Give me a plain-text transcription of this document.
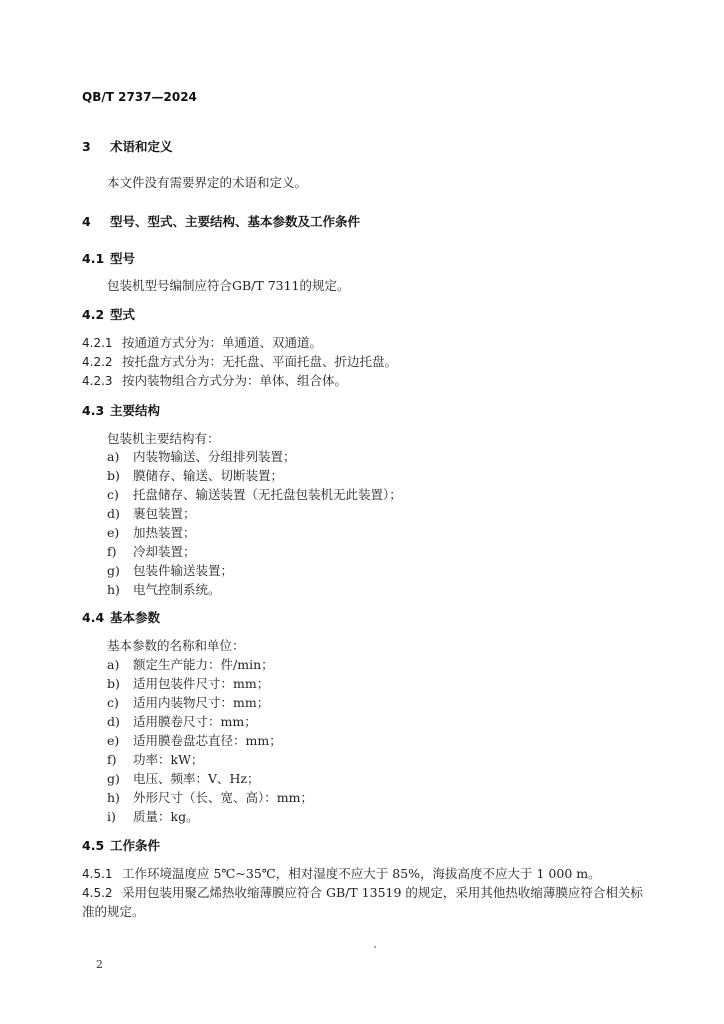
QB/T 2737—2024
3 术语和定义
本文件没有需要界定的术语和定义。
4 型号、型式、主要结构、基本参数及工作条件
4.1 型号
包装机型号编制应符合GB/T 7311的规定。
4.2 型式
4.2.1 按通道方式分为：单通道、双通道。
4.2.2 按托盘方式分为：无托盘、平面托盘、折边托盘。
4.2.3 按内装物组合方式分为：单体、组合体。
4.3 主要结构
包装机主要结构有：
a) 内装物输送、分组排列装置；
b) 膜储存、输送、切断装置；
c) 托盘储存、输送装置（无托盘包装机无此装置）；
d) 裹包装置；
e) 加热装置；
f) 冷却装置；
g) 包装件输送装置；
h) 电气控制系统。
4.4 基本参数
基本参数的名称和单位：
a) 额定生产能力：件/min；
b) 适用包装件尺寸：mm；
c) 适用内装物尺寸：mm；
d) 适用膜卷尺寸：mm；
e) 适用膜卷盘芯直径：mm；
f) 功率：kW；
g) 电压、频率：V、Hz；
h) 外形尺寸（长、宽、高）：mm；
i) 质量：kg。
4.5 工作条件
4.5.1 工作环境温度应 5℃~35℃，相对湿度不应大于 85%，海拔高度不应大于 1 000 m。
4.5.2 采用包装用聚乙烯热收缩薄膜应符合 GB/T 13519 的规定，采用其他热收缩薄膜应符合相关标
准的规定。
2
